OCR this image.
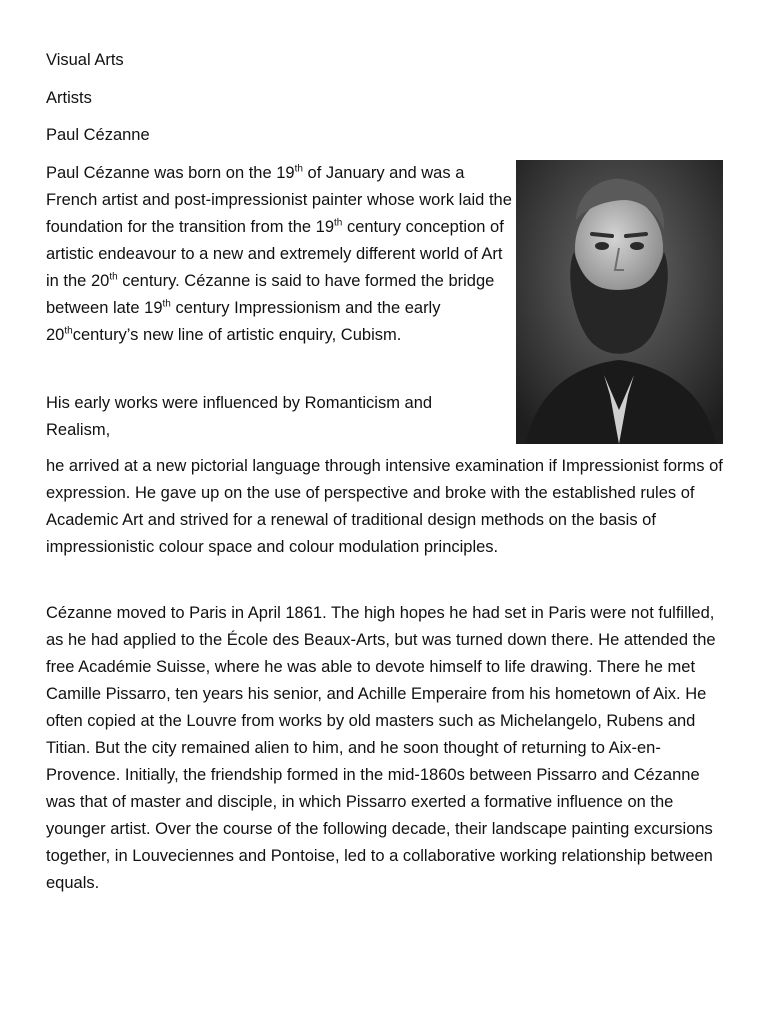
Visual Arts
Artists
Paul Cézanne
Paul Cézanne was born on the 19th of January and was a French artist and post-impressionist painter whose work laid the foundation for the transition from the 19th century conception of artistic endeavour to a new and extremely different world of Art in the 20th century. Cézanne is said to have formed the bridge between late 19th century Impressionism and the early 20thcentury’s new line of artistic enquiry, Cubism.
His early works were influenced by Romanticism and Realism,
he arrived at a new pictorial language through intensive examination if Impressionist forms of expression. He gave up on the use of perspective and broke with the established rules of Academic Art and strived for a renewal of traditional design methods on the basis of impressionistic colour space and colour modulation principles.
Cézanne moved to Paris in April 1861. The high hopes he had set in Paris were not fulfilled, as he had applied to the École des Beaux-Arts, but was turned down there. He attended the free Académie Suisse, where he was able to devote himself to life drawing. There he met Camille Pissarro, ten years his senior, and Achille Emperaire from his hometown of Aix. He often copied at the Louvre from works by old masters such as Michelangelo, Rubens and Titian. But the city remained alien to him, and he soon thought of returning to Aix-en-Provence. Initially, the friendship formed in the mid-1860s between Pissarro and Cézanne was that of master and disciple, in which Pissarro exerted a formative influence on the younger artist. Over the course of the following decade, their landscape painting excursions together, in Louveciennes and Pontoise, led to a collaborative working relationship between equals.
